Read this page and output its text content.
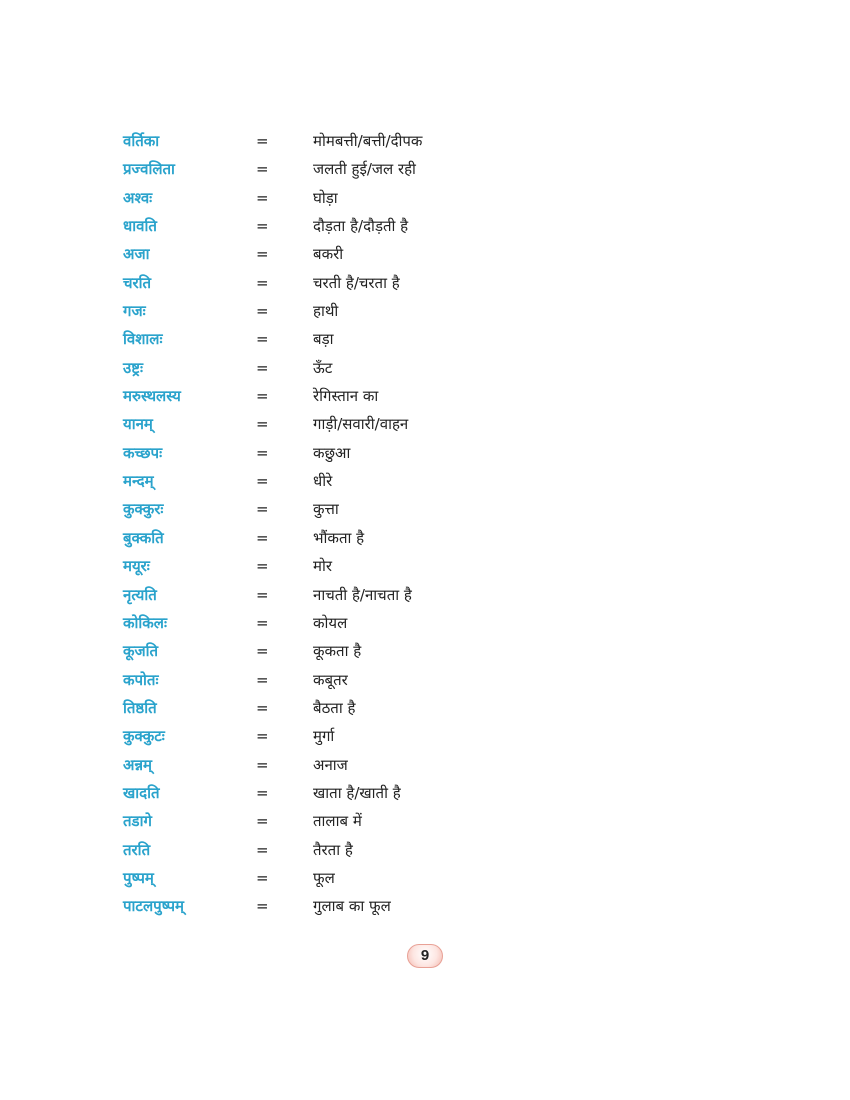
वर्तिका	=	मोमबत्ती/बत्ती/दीपक
प्रज्वलिता	=	जलती हुई/जल रही
अश्वः	=	घोड़ा
धावति	=	दौड़ता है/दौड़ती है
अजा	=	बकरी
चरति	=	चरती है/चरता है
गजः	=	हाथी
विशालः	=	बड़ा
उष्ट्रः	=	ऊँट
मरुस्थलस्य	=	रेगिस्तान का
यानम्	=	गाड़ी/सवारी/वाहन
कच्छपः	=	कछुआ
मन्दम्	=	धीरे
कुक्कुरः	=	कुत्ता
बुक्कति	=	भौंकता है
मयूरः	=	मोर
नृत्यति	=	नाचती है/नाचता है
कोकिलः	=	कोयल
कूजति	=	कूकता है
कपोतः	=	कबूतर
तिष्ठति	=	बैठता है
कुक्कुटः	=	मुर्गा
अन्नम्	=	अनाज
खादति	=	खाता है/खाती है
तडागे	=	तालाब में
तरति	=	तैरता है
पुष्पम्	=	फूल
पाटलपुष्पम्	=	गुलाब का फूल
9
